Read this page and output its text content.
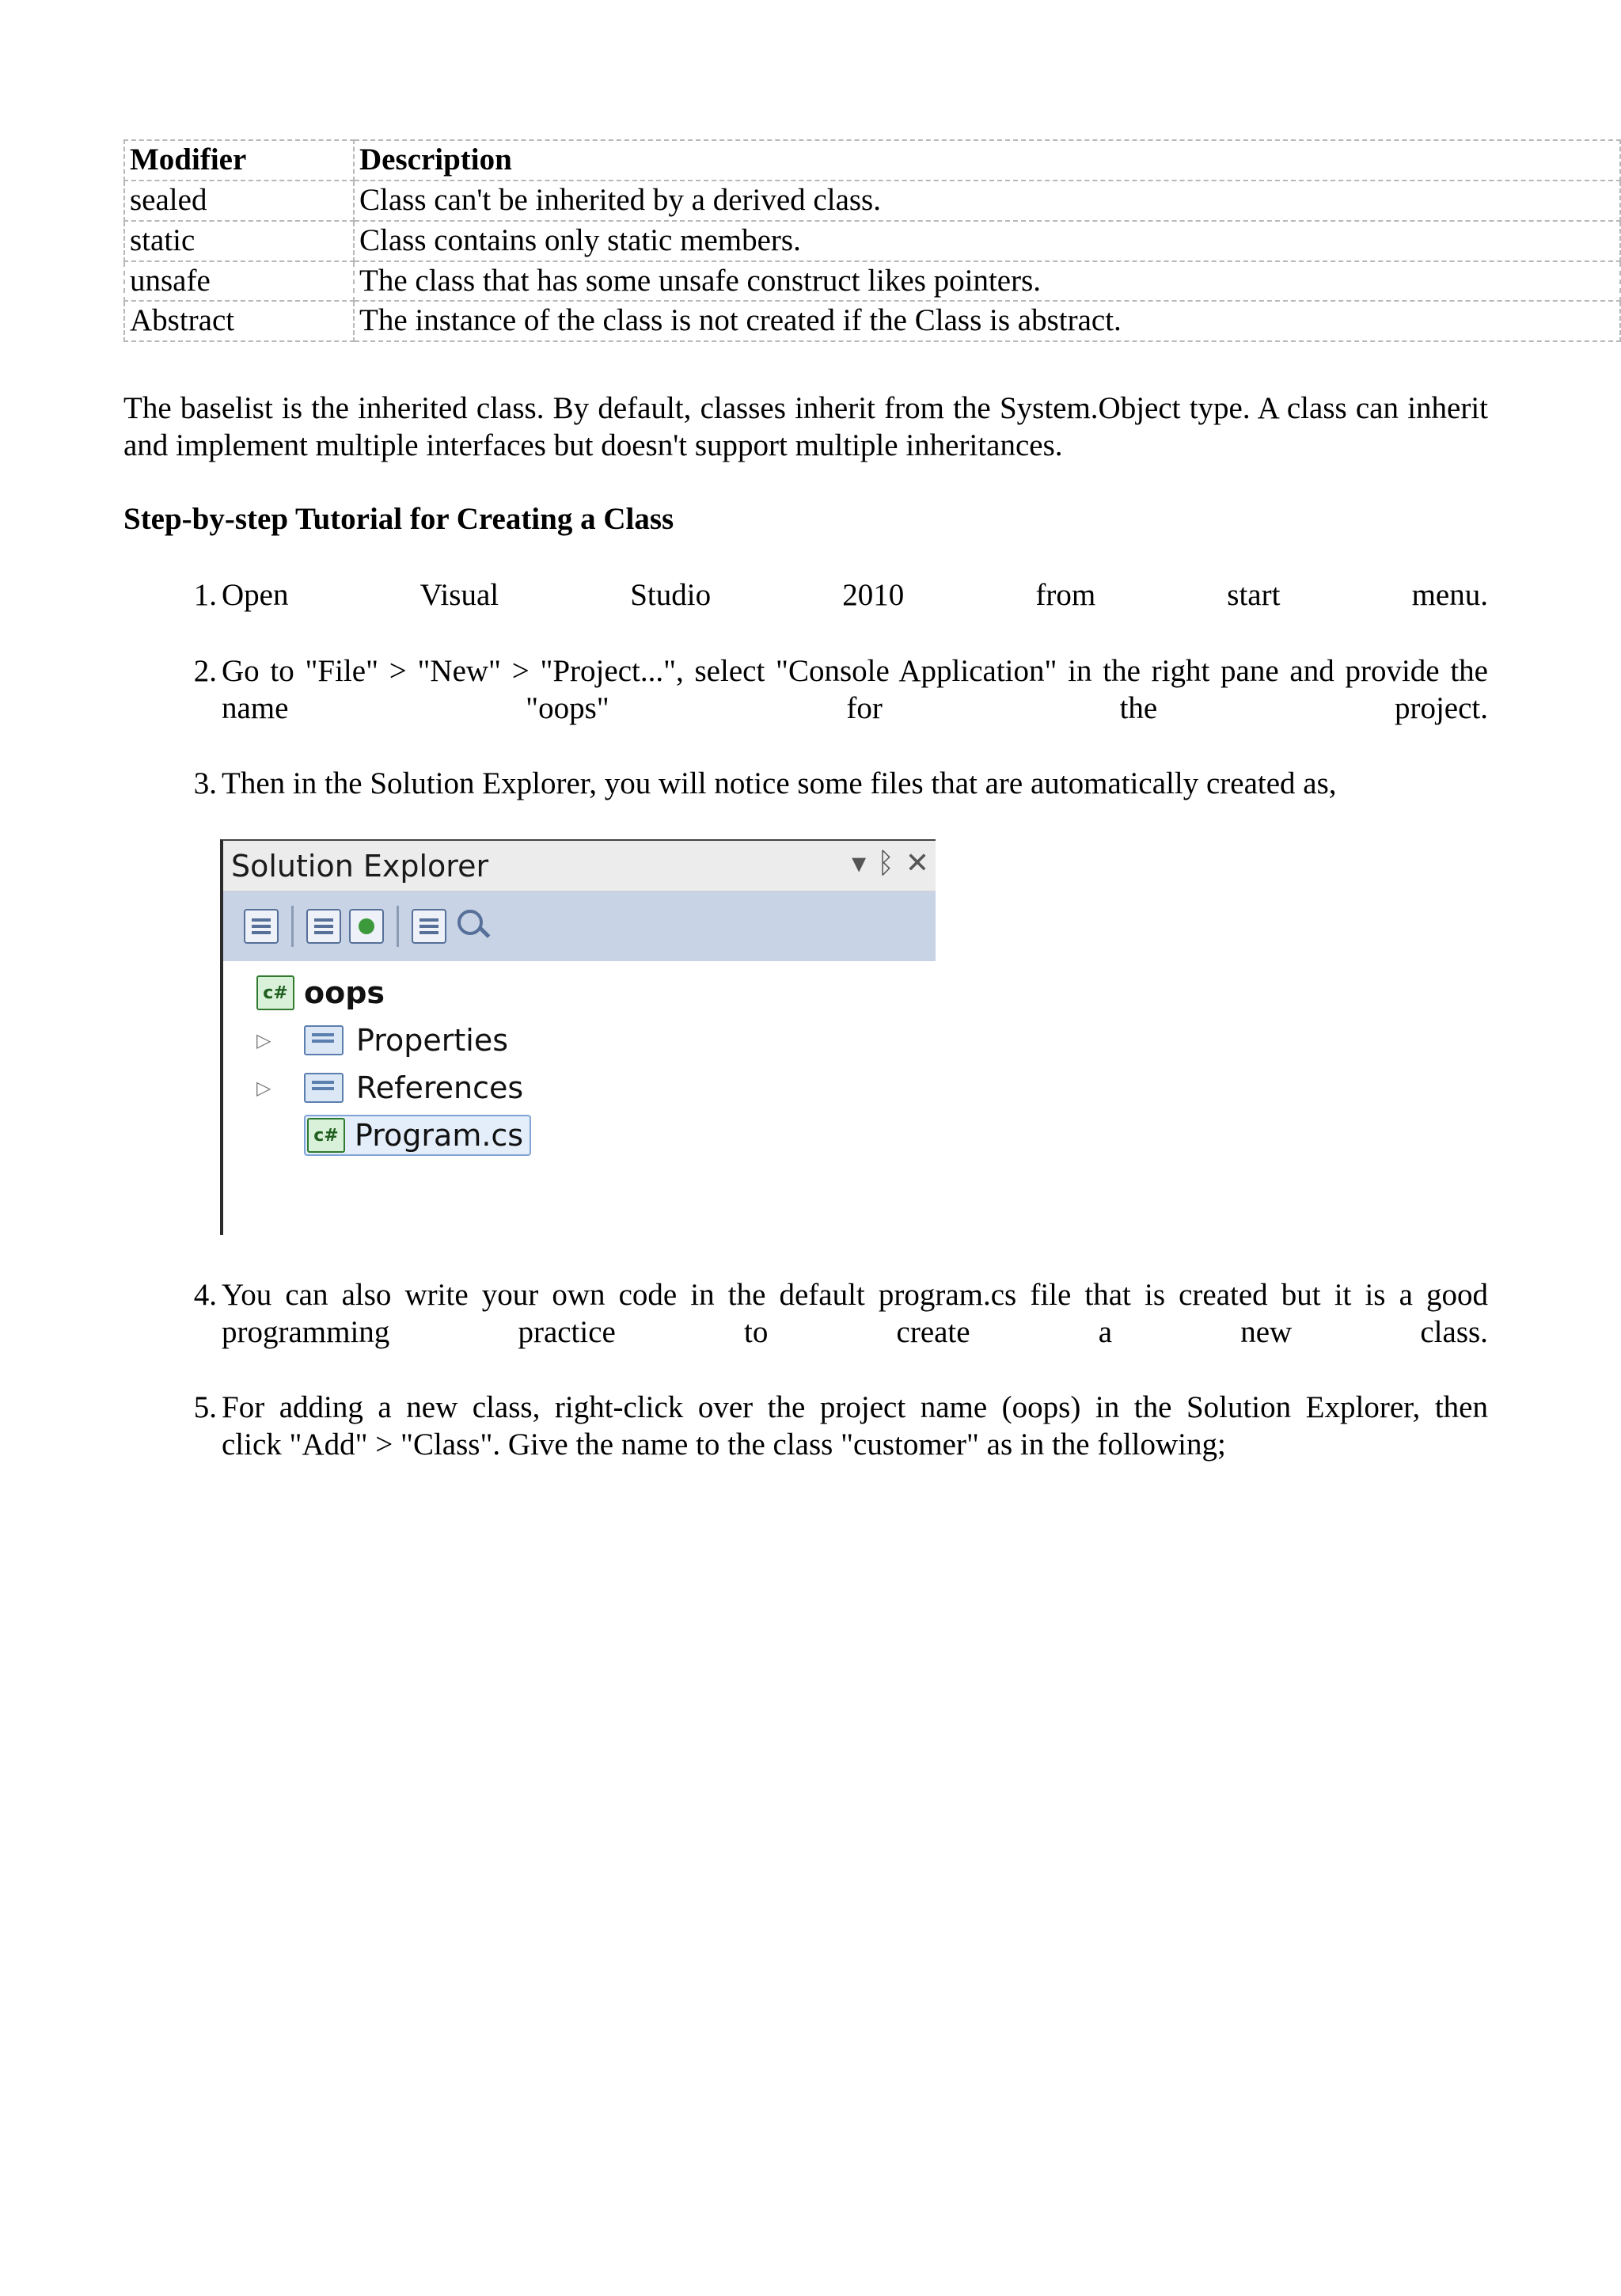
Modifier	Description
sealed	Class can't be inherited by a derived class.
static	Class contains only static members.
unsafe	The class that has some unsafe construct likes pointers.
Abstract	The instance of the class is not created if the Class is abstract.

The baselist is the inherited class. By default, classes inherit from the System.Object type. A class can inherit and implement multiple interfaces but doesn't support multiple inheritances.

Step-by-step Tutorial for Creating a Class
1. Open	Visual	Studio	2010	from	start	menu.
2. Go to "File" > "New" > "Project...", select "Console Application" in the right pane and provide the
name	"oops"	for	the	project.
3. Then in the Solution Explorer, you will notice some files that are automatically created as,
Solution Explorer	▾ ᛒ ✕
c# oops
▷	Properties
▷	References
c# Program.cs
4. You can also write your own code in the default program.cs file that is created but it is a good
programming	practice	to	create	a	new	class.
5. For adding a new class, right-click over the project name (oops) in the Solution Explorer, then
click "Add" > "Class". Give the name to the class "customer" as in the following;
